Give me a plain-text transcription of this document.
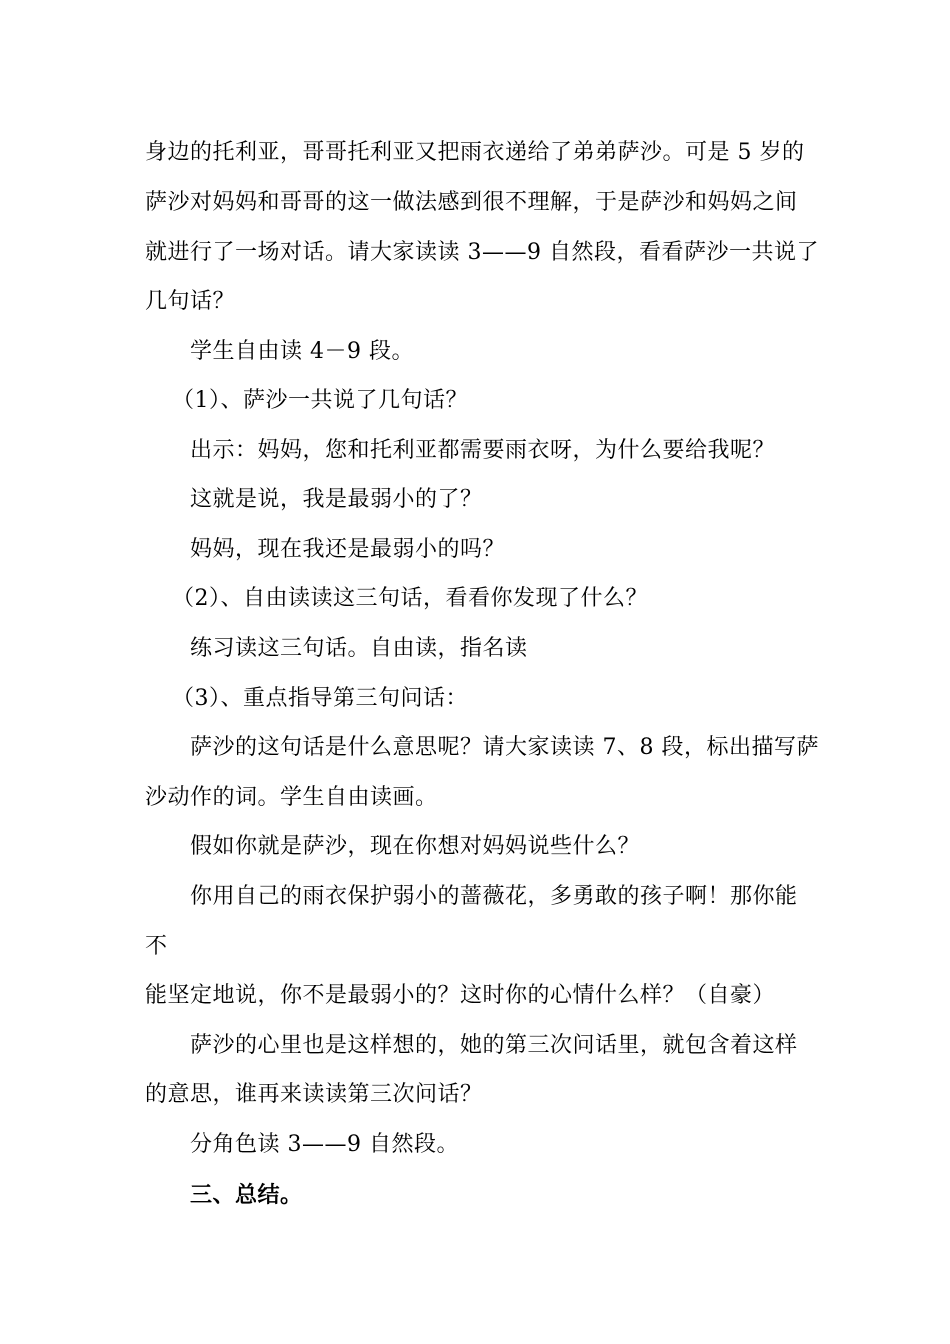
身边的托利亚，哥哥托利亚又把雨衣递给了弟弟萨沙。可是 5 岁的
萨沙对妈妈和哥哥的这一做法感到很不理解，于是萨沙和妈妈之间
就进行了一场对话。请大家读读 3——9 自然段，看看萨沙一共说了
几句话？
学生自由读 4－9 段。
（1）、萨沙一共说了几句话？
出示：妈妈，您和托利亚都需要雨衣呀，为什么要给我呢？
这就是说，我是最弱小的了？
妈妈，现在我还是最弱小的吗？
（2）、自由读读这三句话，看看你发现了什么？
练习读这三句话。自由读，指名读
（3）、重点指导第三句问话：
萨沙的这句话是什么意思呢？请大家读读 7、8 段，标出描写萨
沙动作的词。学生自由读画。
假如你就是萨沙，现在你想对妈妈说些什么？
你用自己的雨衣保护弱小的蔷薇花，多勇敢的孩子啊！那你能
不
能坚定地说，你不是最弱小的？这时你的心情什么样？（自豪）
萨沙的心里也是这样想的，她的第三次问话里，就包含着这样
的意思，谁再来读读第三次问话？
分角色读 3——9 自然段。
三、总结。
